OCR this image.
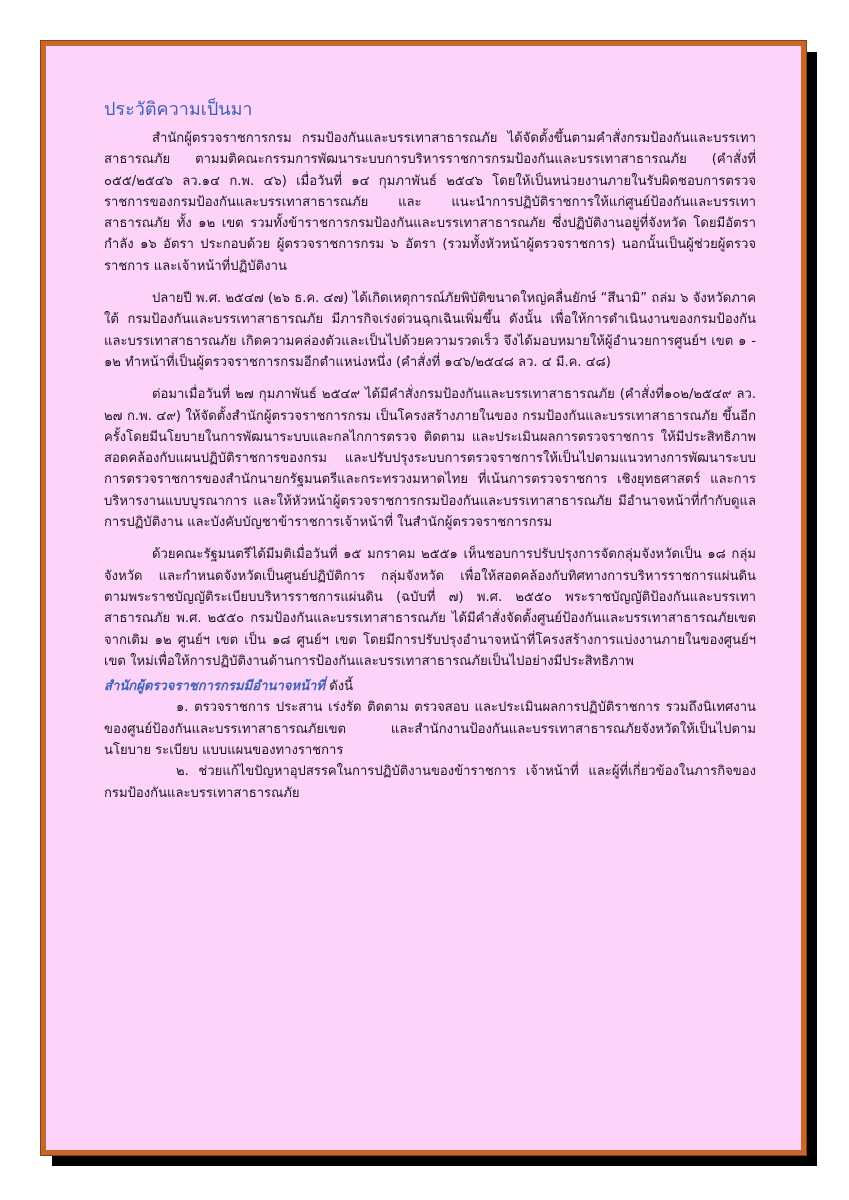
ประวัติความเป็นมา

สำนักผู้ตรวจราชการกรม กรมป้องกันและบรรเทาสาธารณภัย ได้จัดตั้งขึ้นตามคำสั่งกรมป้องกันและบรรเทาสาธารณภัย ตามมติคณะกรรมการพัฒนาระบบการบริหารราชการกรมป้องกันและบรรเทาสาธารณภัย (คำสั่งที่ ๐๕๕/๒๕๔๖ ลว.๑๔ ก.พ. ๔๖) เมื่อวันที่ ๑๔ กุมภาพันธ์ ๒๕๔๖ โดยให้เป็นหน่วยงานภายในรับผิดชอบการตรวจราชการของกรมป้องกันและบรรเทาสาธารณภัย และ แนะนำการปฏิบัติราชการให้แก่ศูนย์ป้องกันและบรรเทาสาธารณภัย ทั้ง ๑๒ เขต รวมทั้งข้าราชการกรมป้องกันและบรรเทาสาธารณภัย ซึ่งปฏิบัติงานอยู่ที่จังหวัด โดยมีอัตรากำลัง ๑๖ อัตรา ประกอบด้วย ผู้ตรวจราชการกรม ๖ อัตรา (รวมทั้งหัวหน้าผู้ตรวจราชการ) นอกนั้นเป็นผู้ช่วยผู้ตรวจราชการ และเจ้าหน้าที่ปฏิบัติงาน

ปลายปี พ.ศ. ๒๕๔๗ (๒๖ ธ.ค. ๔๗) ได้เกิดเหตุการณ์ภัยพิบัติขนาดใหญ่คลื่นยักษ์ “สึนามิ” ถล่ม ๖ จังหวัดภาคใต้ กรมป้องกันและบรรเทาสาธารณภัย มีภารกิจเร่งด่วนฉุกเฉินเพิ่มขึ้น ดังนั้น เพื่อให้การดำเนินงานของกรมป้องกันและบรรเทาสาธารณภัย เกิดความคล่องตัวและเป็นไปด้วยความรวดเร็ว จึงได้มอบหมายให้ผู้อำนวยการศูนย์ฯ เขต ๑ - ๑๒ ทำหน้าที่เป็นผู้ตรวจราชการกรมอีกตำแหน่งหนึ่ง (คำสั่งที่ ๑๔๖/๒๕๔๘ ลว. ๔ มี.ค. ๔๘)

ต่อมาเมื่อวันที่ ๒๗ กุมภาพันธ์ ๒๕๔๙ ได้มีคำสั่งกรมป้องกันและบรรเทาสาธารณภัย (คำสั่งที่๑๐๒/๒๕๔๙ ลว. ๒๗ ก.พ. ๔๙) ให้จัดตั้งสำนักผู้ตรวจราชการกรม เป็นโครงสร้างภายในของ กรมป้องกันและบรรเทาสาธารณภัย ขึ้นอีกครั้งโดยมีนโยบายในการพัฒนาระบบและกลไกการตรวจ ติดตาม และประเมินผลการตรวจราชการ ให้มีประสิทธิภาพสอดคล้องกับแผนปฏิบัติราชการของกรม และปรับปรุงระบบการตรวจราชการให้เป็นไปตามแนวทางการพัฒนาระบบการตรวจราชการของสำนักนายกรัฐมนตรีและกระทรวงมหาดไทย ที่เน้นการตรวจราชการ เชิงยุทธศาสตร์ และการบริหารงานแบบบูรณาการ และให้หัวหน้าผู้ตรวจราชการกรมป้องกันและบรรเทาสาธารณภัย มีอำนาจหน้าที่กำกับดูแลการปฏิบัติงาน และบังคับบัญชาข้าราชการเจ้าหน้าที่ ในสำนักผู้ตรวจราชการกรม

ด้วยคณะรัฐมนตรีได้มีมติเมื่อวันที่ ๑๕ มกราคม ๒๕๕๑ เห็นชอบการปรับปรุงการจัดกลุ่มจังหวัดเป็น ๑๘ กลุ่มจังหวัด และกำหนดจังหวัดเป็นศูนย์ปฏิบัติการ กลุ่มจังหวัด เพื่อให้สอดคล้องกับทิศทางการบริหารราชการแผ่นดิน ตามพระราชบัญญัติระเบียบบริหารราชการแผ่นดิน (ฉบับที่ ๗) พ.ศ. ๒๕๕๐ พระราชบัญญัติป้องกันและบรรเทาสาธารณภัย พ.ศ. ๒๕๕๐ กรมป้องกันและบรรเทาสาธารณภัย ได้มีคำสั่งจัดตั้งศูนย์ป้องกันและบรรเทาสาธารณภัยเขต จากเดิม ๑๒ ศูนย์ฯ เขต เป็น ๑๘ ศูนย์ฯ เขต โดยมีการปรับปรุงอำนาจหน้าที่โครงสร้างการแบ่งงานภายในของศูนย์ฯ เขต ใหม่เพื่อให้การปฏิบัติงานด้านการป้องกันและบรรเทาสาธารณภัยเป็นไปอย่างมีประสิทธิภาพ

สำนักผู้ตรวจราชการกรมมีอำนาจหน้าที่ ดังนี้

๑. ตรวจราชการ ประสาน เร่งรัด ติดตาม ตรวจสอบ และประเมินผลการปฏิบัติราชการ รวมถึงนิเทศงานของศูนย์ป้องกันและบรรเทาสาธารณภัยเขต และสำนักงานป้องกันและบรรเทาสาธารณภัยจังหวัดให้เป็นไปตามนโยบาย ระเบียบ แบบแผนของทางราชการ

๒. ช่วยแก้ไขปัญหาอุปสรรคในการปฏิบัติงานของข้าราชการ เจ้าหน้าที่ และผู้ที่เกี่ยวข้องในภารกิจของกรมป้องกันและบรรเทาสาธารณภัย
